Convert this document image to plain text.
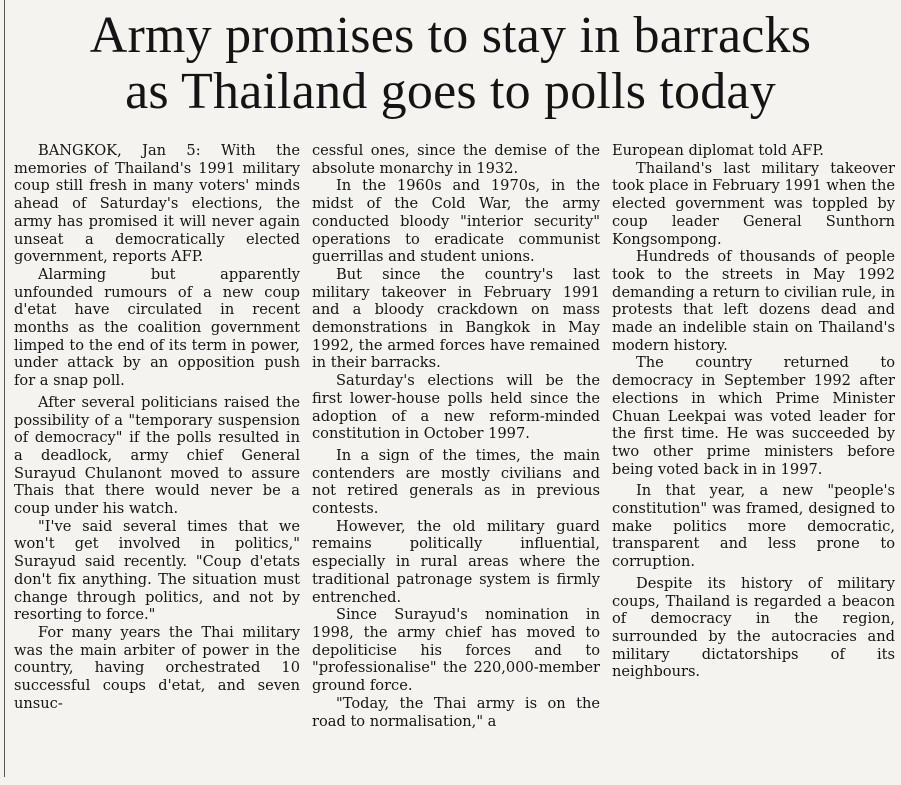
Army promises to stay in barracks
as Thailand goes to polls today

BANGKOK, Jan 5: With the memories of Thailand's 1991 military coup still fresh in many voters' minds ahead of Saturday's elections, the army has promised it will never again unseat a democratically elected government, reports AFP.

Alarming but apparently unfounded rumours of a new coup d'etat have circulated in recent months as the coalition government limped to the end of its term in power, under attack by an opposition push for a snap poll.

After several politicians raised the possibility of a "temporary suspension of democracy" if the polls resulted in a deadlock, army chief General Surayud Chulanont moved to assure Thais that there would never be a coup under his watch.

"I've said several times that we won't get involved in politics," Surayud said recently. "Coup d'etats don't fix anything. The situation must change through politics, and not by resorting to force."

For many years the Thai military was the main arbiter of power in the country, having orchestrated 10 successful coups d'etat, and seven unsuc-

cessful ones, since the demise of the absolute monarchy in 1932.

In the 1960s and 1970s, in the midst of the Cold War, the army conducted bloody "interior security" operations to eradicate communist guerrillas and student unions.

But since the country's last military takeover in February 1991 and a bloody crackdown on mass demonstrations in Bangkok in May 1992, the armed forces have remained in their barracks.

Saturday's elections will be the first lower-house polls held since the adoption of a new reform-minded constitution in October 1997.

In a sign of the times, the main contenders are mostly civilians and not retired generals as in previous contests.

However, the old military guard remains politically influential, especially in rural areas where the traditional patronage system is firmly entrenched.

Since Surayud's nomination in 1998, the army chief has moved to depoliticise his forces and to "professionalise" the 220,000-member ground force.

"Today, the Thai army is on the road to normalisation," a

European diplomat told AFP.

Thailand's last military takeover took place in February 1991 when the elected government was toppled by coup leader General Sunthorn Kongsompong.

Hundreds of thousands of people took to the streets in May 1992 demanding a return to civilian rule, in protests that left dozens dead and made an indelible stain on Thailand's modern history.

The country returned to democracy in September 1992 after elections in which Prime Minister Chuan Leekpai was voted leader for the first time. He was succeeded by two other prime ministers before being voted back in in 1997.

In that year, a new "people's constitution" was framed, designed to make politics more democratic, transparent and less prone to corruption.

Despite its history of military coups, Thailand is regarded a beacon of democracy in the region, surrounded by the autocracies and military dictatorships of its neighbours.
